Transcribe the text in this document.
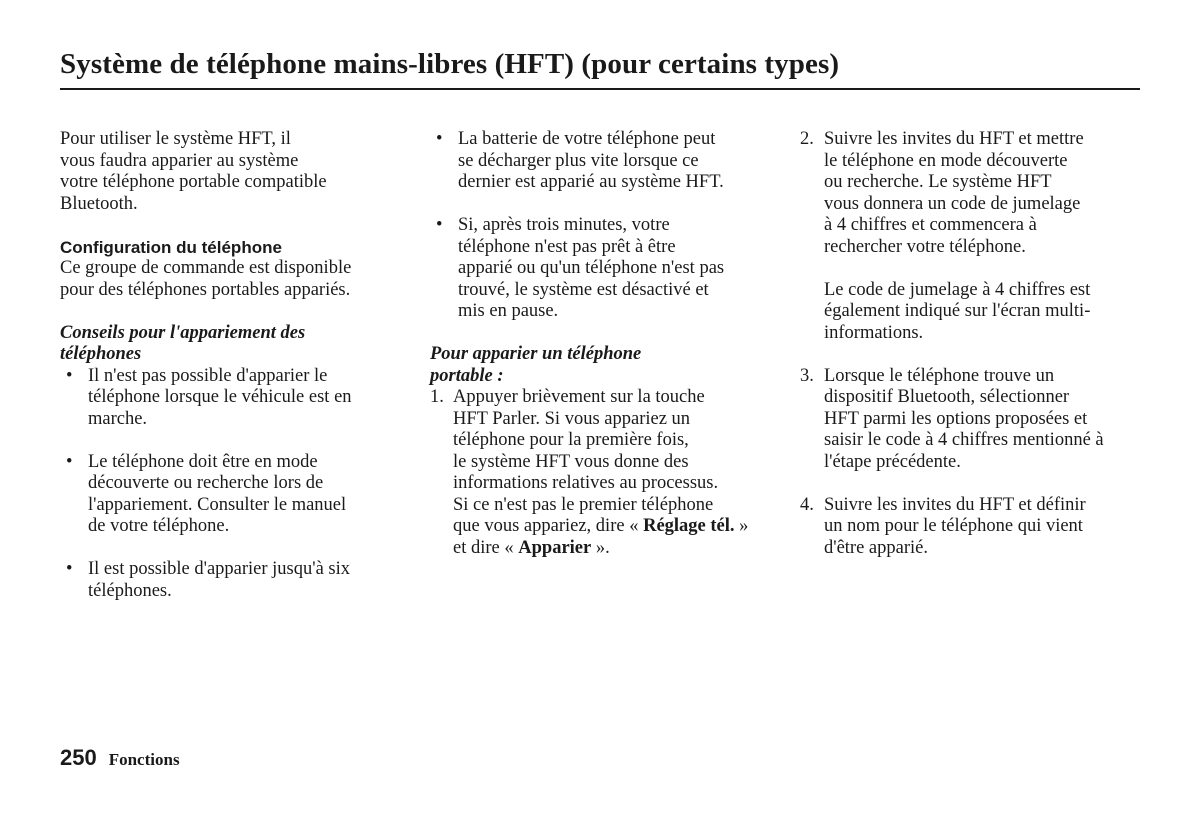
Système de téléphone mains-libres (HFT) (pour certains types)
Pour utiliser le système HFT, il
vous faudra apparier au système
votre téléphone portable compatible
Bluetooth.
Configuration du téléphone
Ce groupe de commande est disponible
pour des téléphones portables appariés.
Conseils pour l'appariement des
téléphones
• Il n'est pas possible d'apparier le
téléphone lorsque le véhicule est en
marche.
• Le téléphone doit être en mode
découverte ou recherche lors de
l'appariement. Consulter le manuel
de votre téléphone.
• Il est possible d'apparier jusqu'à six
téléphones.
• La batterie de votre téléphone peut
se décharger plus vite lorsque ce
dernier est apparié au système HFT.
• Si, après trois minutes, votre
téléphone n'est pas prêt à être
apparié ou qu'un téléphone n'est pas
trouvé, le système est désactivé et
mis en pause.
Pour apparier un téléphone
portable :
1. Appuyer brièvement sur la touche
HFT Parler. Si vous appariez un
téléphone pour la première fois,
le système HFT vous donne des
informations relatives au processus.
Si ce n'est pas le premier téléphone
que vous appariez, dire « Réglage tél. »
et dire « Apparier ».
2. Suivre les invites du HFT et mettre
le téléphone en mode découverte
ou recherche. Le système HFT
vous donnera un code de jumelage
à 4 chiffres et commencera à
rechercher votre téléphone.
Le code de jumelage à 4 chiffres est
également indiqué sur l'écran multi-
informations.
3. Lorsque le téléphone trouve un
dispositif Bluetooth, sélectionner
HFT parmi les options proposées et
saisir le code à 4 chiffres mentionné à
l'étape précédente.
4. Suivre les invites du HFT et définir
un nom pour le téléphone qui vient
d'être apparié.
250 Fonctions
